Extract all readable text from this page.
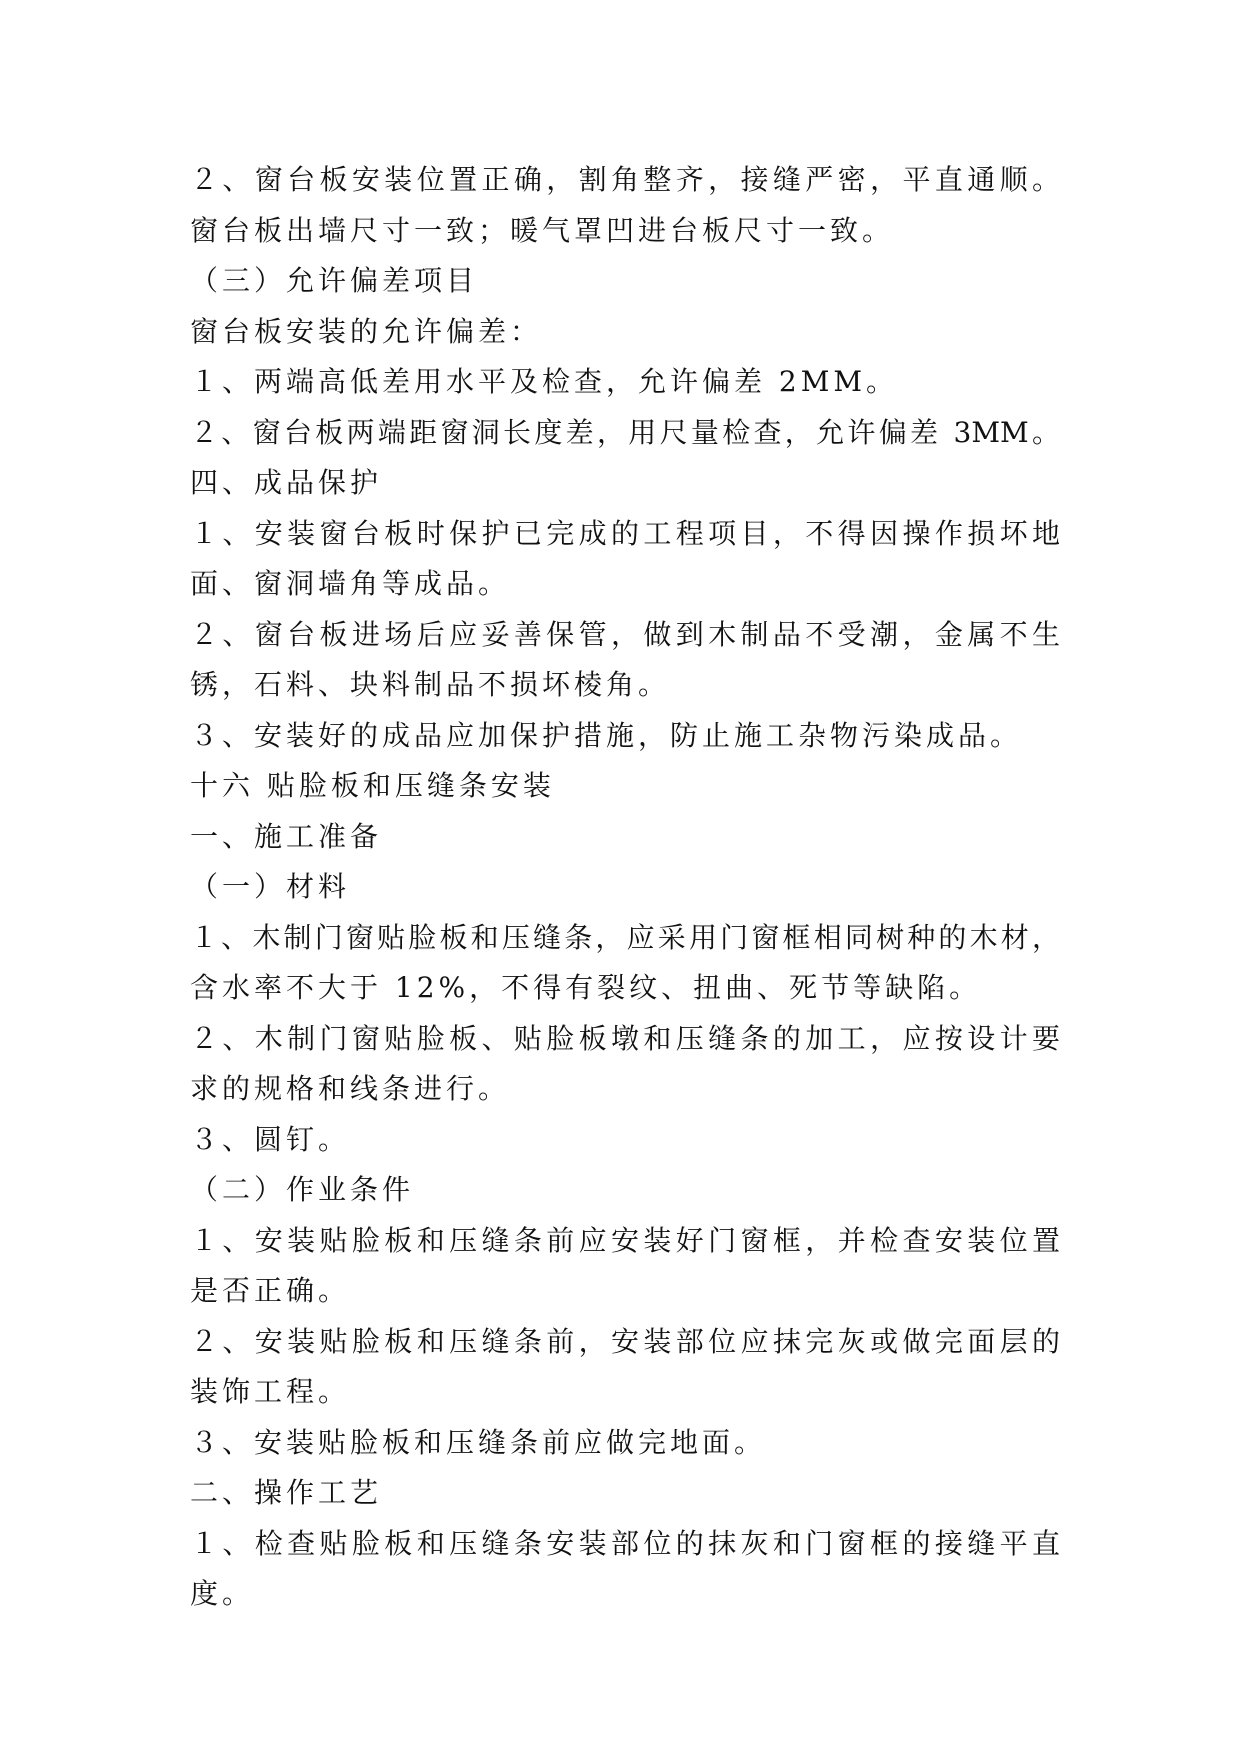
２、窗台板安装位置正确，割角整齐，接缝严密，平直通顺。
窗台板出墙尺寸一致；暖气罩凹进台板尺寸一致。
（三）允许偏差项目
窗台板安装的允许偏差：
１、两端高低差用水平及检查，允许偏差 2MM。
２、窗台板两端距窗洞长度差，用尺量检查，允许偏差 3MM。
四、成品保护
１、安装窗台板时保护已完成的工程项目，不得因操作损坏地
面、窗洞墙角等成品。
２、窗台板进场后应妥善保管，做到木制品不受潮，金属不生
锈，石料、块料制品不损坏棱角。
３、安装好的成品应加保护措施，防止施工杂物污染成品。
十六 贴脸板和压缝条安装
一、施工准备
（一）材料
１、木制门窗贴脸板和压缝条，应采用门窗框相同树种的木材，
含水率不大于 12%，不得有裂纹、扭曲、死节等缺陷。
２、木制门窗贴脸板、贴脸板墩和压缝条的加工，应按设计要
求的规格和线条进行。
３、圆钉。
（二）作业条件
１、安装贴脸板和压缝条前应安装好门窗框，并检查安装位置
是否正确。
２、安装贴脸板和压缝条前，安装部位应抹完灰或做完面层的
装饰工程。
３、安装贴脸板和压缝条前应做完地面。
二、操作工艺
１、检查贴脸板和压缝条安装部位的抹灰和门窗框的接缝平直
度。
